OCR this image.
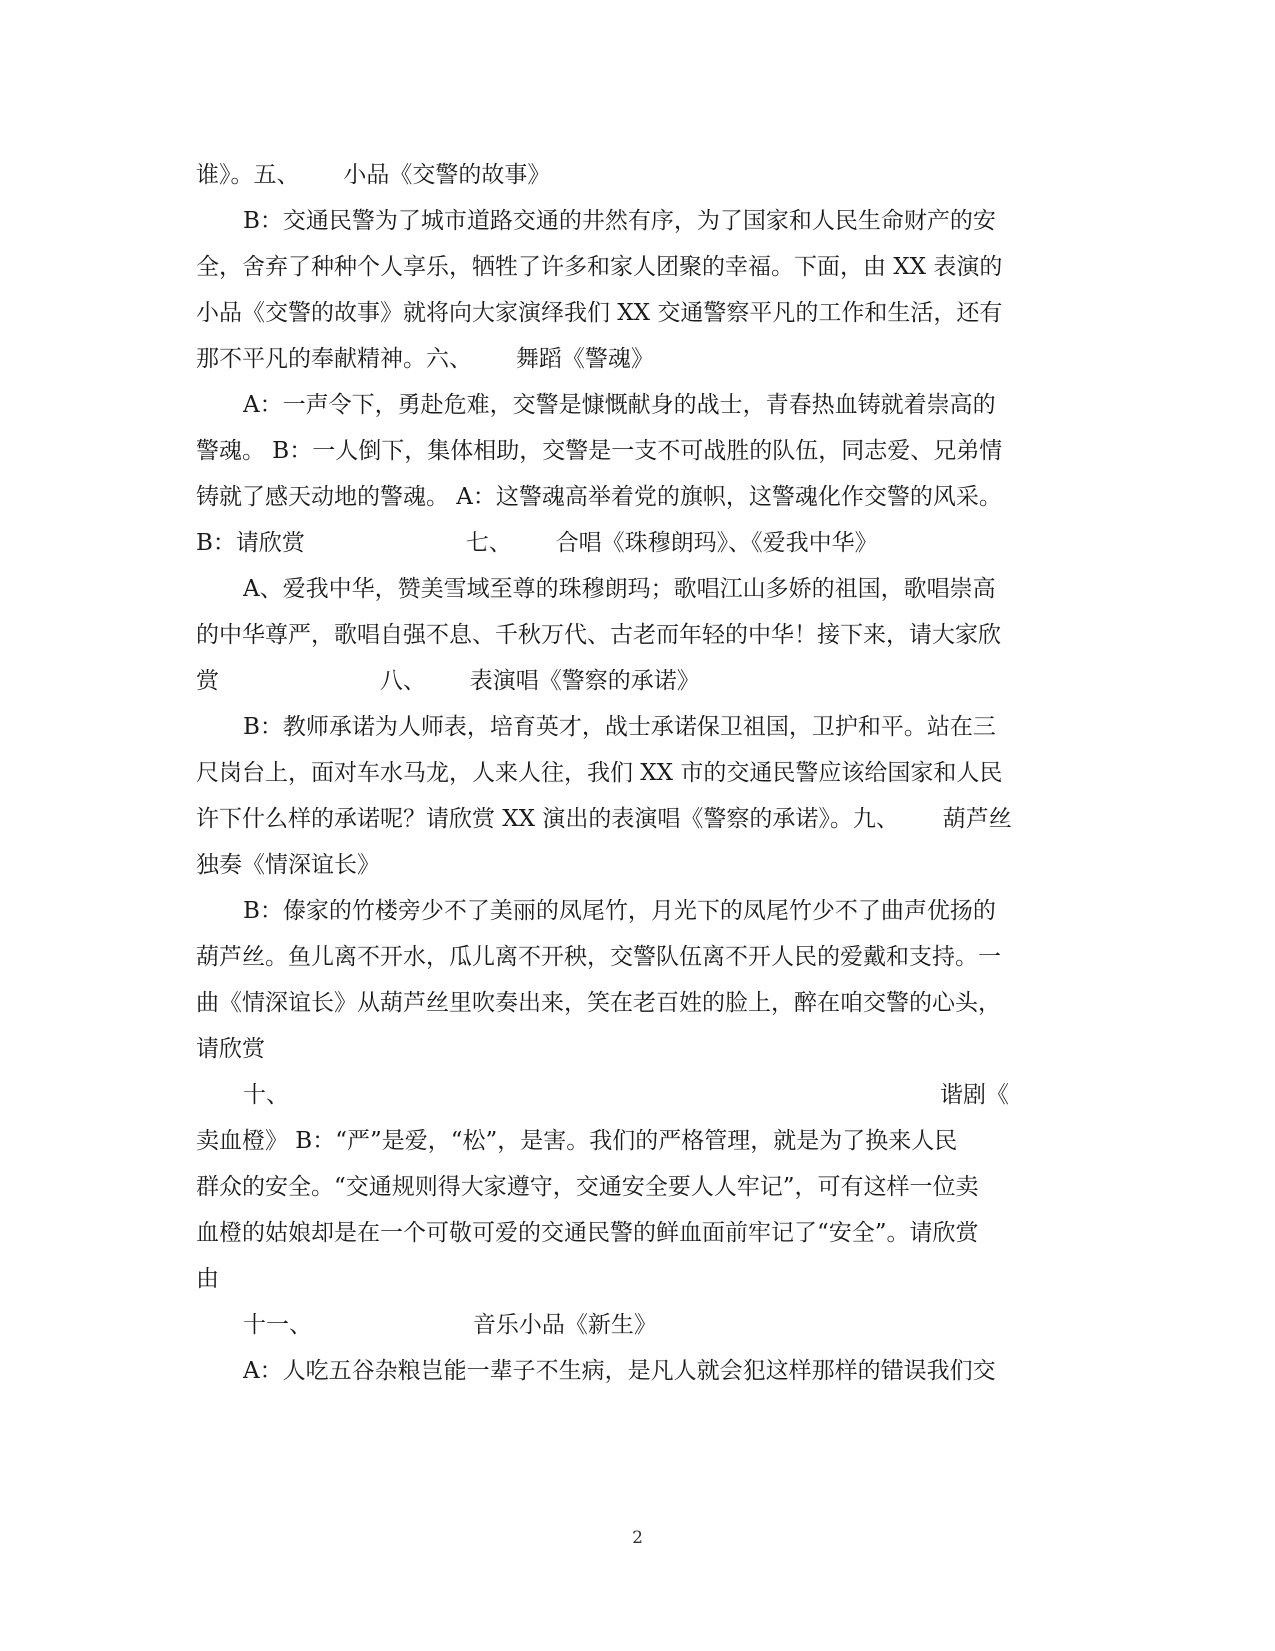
谁》。五、      小品《交警的故事》
B：交通民警为了城市道路交通的井然有序，为了国家和人民生命财产的安
全，舍弃了种种个人享乐，牺牲了许多和家人团聚的幸福。下面，由 XX 表演的
小品《交警的故事》就将向大家演绎我们 XX 交通警察平凡的工作和生活，还有
那不平凡的奉献精神。六、      舞蹈《警魂》
A：一声令下，勇赴危难，交警是慷慨献身的战士，青春热血铸就着崇高的
警魂。 B：一人倒下，集体相助，交警是一支不可战胜的队伍，同志爱、兄弟情
铸就了感天动地的警魂。 A：这警魂高举着党的旗帜，这警魂化作交警的风采。
B：请欣赏                      七、      合唱《珠穆朗玛》、《爱我中华》
A、爱我中华，赞美雪域至尊的珠穆朗玛；歌唱江山多娇的祖国，歌唱崇高
的中华尊严，歌唱自强不息、千秋万代、古老而年轻的中华！接下来，请大家欣
赏                      八、      表演唱《警察的承诺》
B：教师承诺为人师表，培育英才，战士承诺保卫祖国，卫护和平。站在三
尺岗台上，面对车水马龙，人来人往，我们 XX 市的交通民警应该给国家和人民
许下什么样的承诺呢？请欣赏 XX 演出的表演唱《警察的承诺》。九、      葫芦丝
独奏《情深谊长》
B：傣家的竹楼旁少不了美丽的凤尾竹，月光下的凤尾竹少不了曲声优扬的
葫芦丝。鱼儿离不开水，瓜儿离不开秧，交警队伍离不开人民的爱戴和支持。一
曲《情深谊长》从葫芦丝里吹奏出来，笑在老百姓的脸上，醉在咱交警的心头，
请欣赏
十、	谐剧《
卖血橙》 B：“严”是爱，“松”，是害。我们的严格管理，就是为了换来人民
群众的安全。“交通规则得大家遵守，交通安全要人人牢记”，可有这样一位卖
血橙的姑娘却是在一个可敬可爱的交通民警的鲜血面前牢记了“安全”。请欣赏
由
十一、                      音乐小品《新生》
A：人吃五谷杂粮岂能一辈子不生病，是凡人就会犯这样那样的错误我们交
2
